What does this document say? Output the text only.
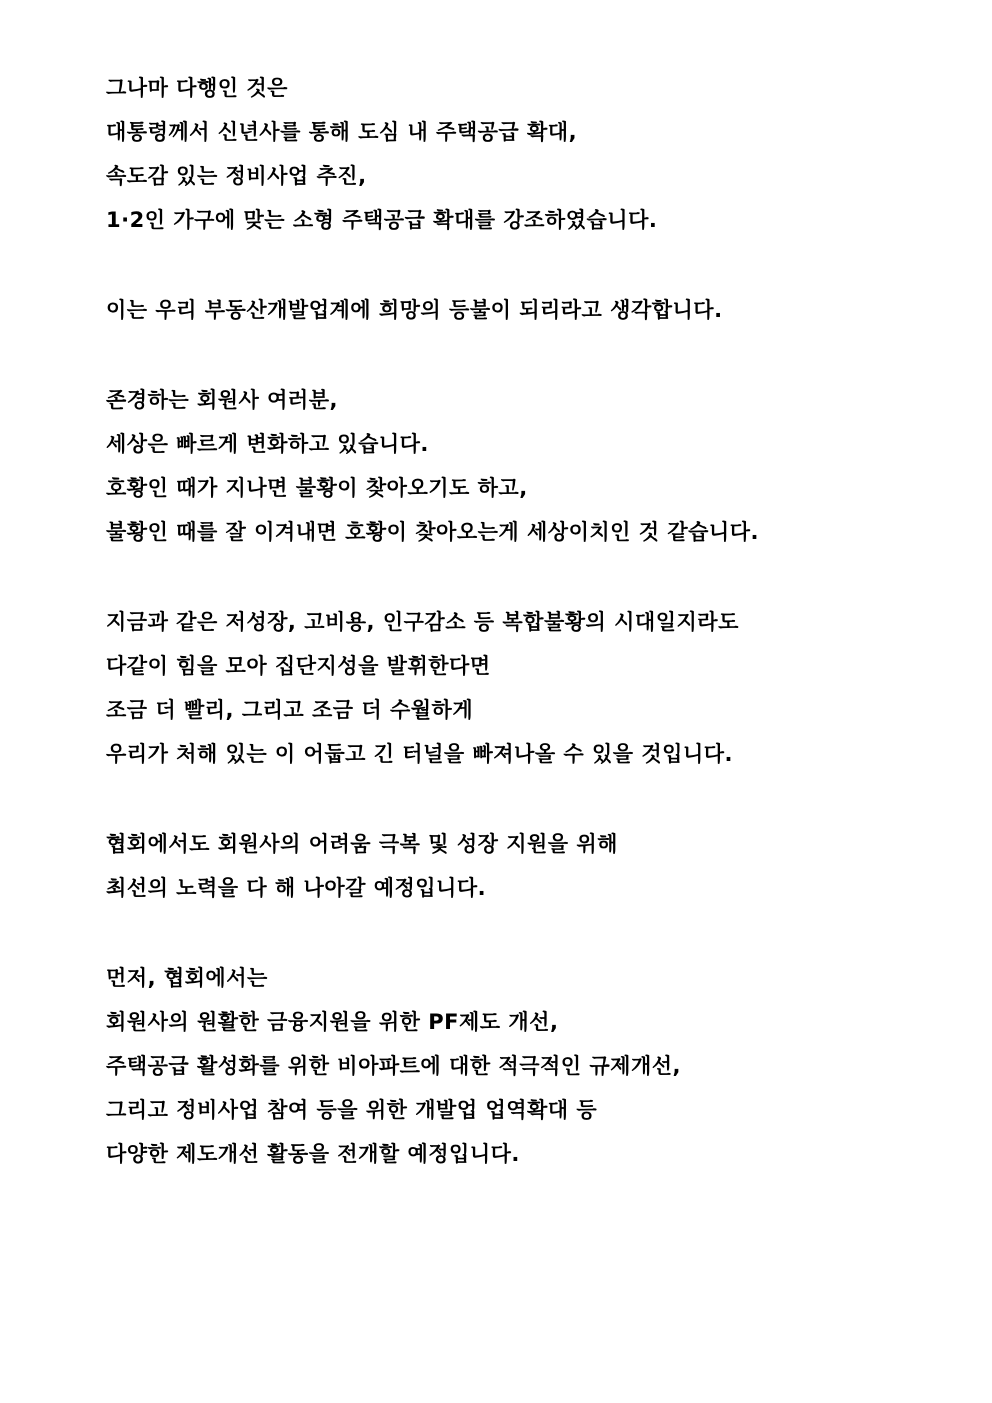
그나마 다행인 것은
대통령께서 신년사를 통해 도심 내 주택공급 확대,
속도감 있는 정비사업 추진,
1·2인 가구에 맞는 소형 주택공급 확대를 강조하였습니다.
이는 우리 부동산개발업계에 희망의 등불이 되리라고 생각합니다.
존경하는 회원사 여러분,
세상은 빠르게 변화하고 있습니다.
호황인 때가 지나면 불황이 찾아오기도 하고,
불황인 때를 잘 이겨내면 호황이 찾아오는게 세상이치인 것 같습니다.
지금과 같은 저성장, 고비용, 인구감소 등 복합불황의 시대일지라도
다같이 힘을 모아 집단지성을 발휘한다면
조금 더 빨리, 그리고 조금 더 수월하게
우리가 처해 있는 이 어둡고 긴 터널을 빠져나올 수 있을 것입니다.
협회에서도 회원사의 어려움 극복 및 성장 지원을 위해
최선의 노력을 다 해 나아갈 예정입니다.
먼저, 협회에서는
회원사의 원활한 금융지원을 위한 PF제도 개선,
주택공급 활성화를 위한 비아파트에 대한 적극적인 규제개선,
그리고 정비사업 참여 등을 위한 개발업 업역확대 등
다양한 제도개선 활동을 전개할 예정입니다.
